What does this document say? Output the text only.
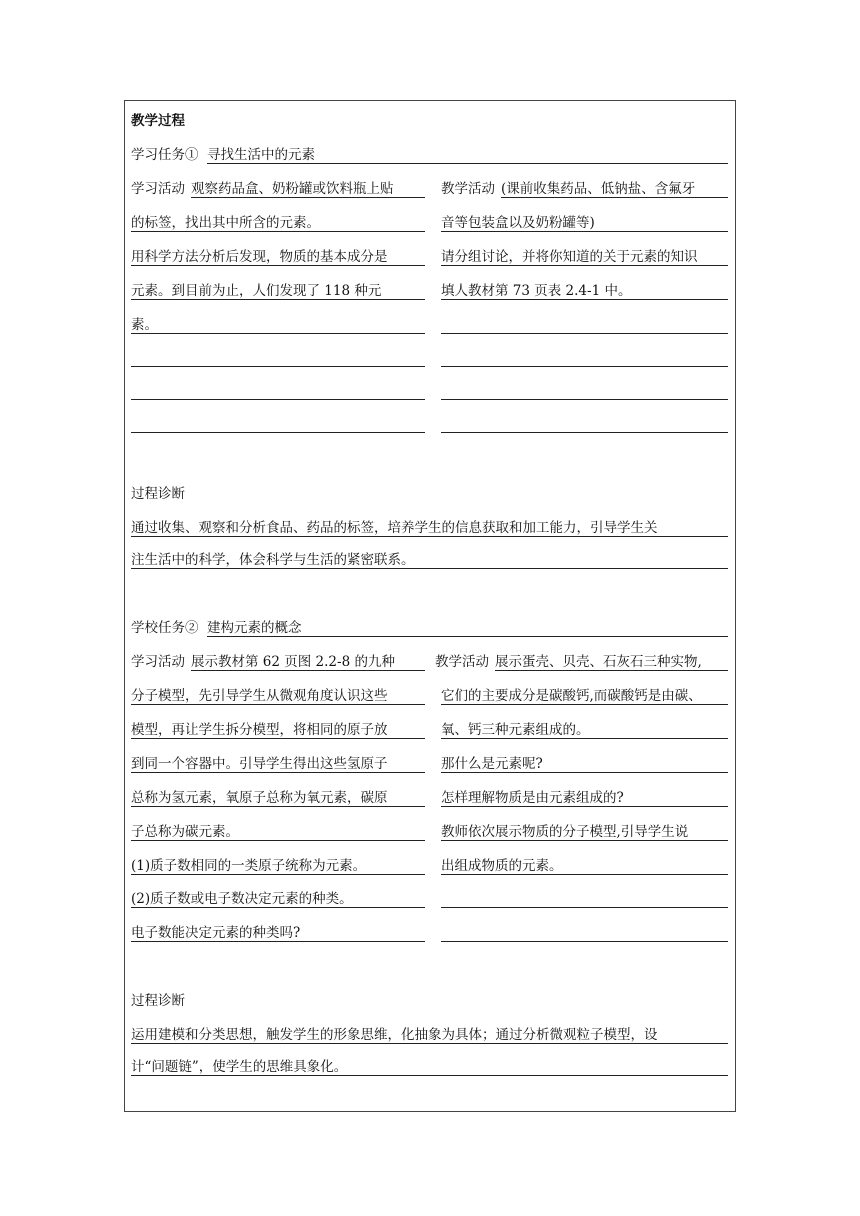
教学过程
学习任务① 寻找生活中的元素
学习活动 观察药品盒、奶粉罐或饮料瓶上贴
的标签，找出其中所含的元素。
用科学方法分析后发现，物质的基本成分是
元素。到目前为止，人们发现了 118 种元
素。
教学活动 (课前收集药品、低钠盐、含氟牙
音等包装盒以及奶粉罐等)
请分组讨论，并将你知道的关于元素的知识
填人教材第 73 页表 2.4-1 中。
过程诊断
通过收集、观察和分析食品、药品的标签，培养学生的信息获取和加工能力，引导学生关
注生活中的科学，体会科学与生活的紧密联系。
学校任务② 建构元素的概念
学习活动 展示教材第 62 页图 2.2-8 的九种
分子模型，先引导学生从微观角度认识这些
模型，再让学生拆分模型，将相同的原子放
到同一个容器中。引导学生得出这些氢原子
总称为氢元素，氧原子总称为氧元素，碳原
子总称为碳元素。
(1)质子数相同的一类原子统称为元素。
(2)质子数或电子数决定元素的种类。
电子数能决定元素的种类吗?
教学活动 展示蛋壳、贝壳、石灰石三种实物,
它们的主要成分是碳酸钙,而碳酸钙是由碳、
氧、钙三种元素组成的。
那什么是元素呢?
怎样理解物质是由元素组成的?
教师依次展示物质的分子模型,引导学生说
出组成物质的元素。
过程诊断
运用建模和分类思想，触发学生的形象思维，化抽象为具体；通过分析微观粒子模型，设
计“问题链”，使学生的思维具象化。
